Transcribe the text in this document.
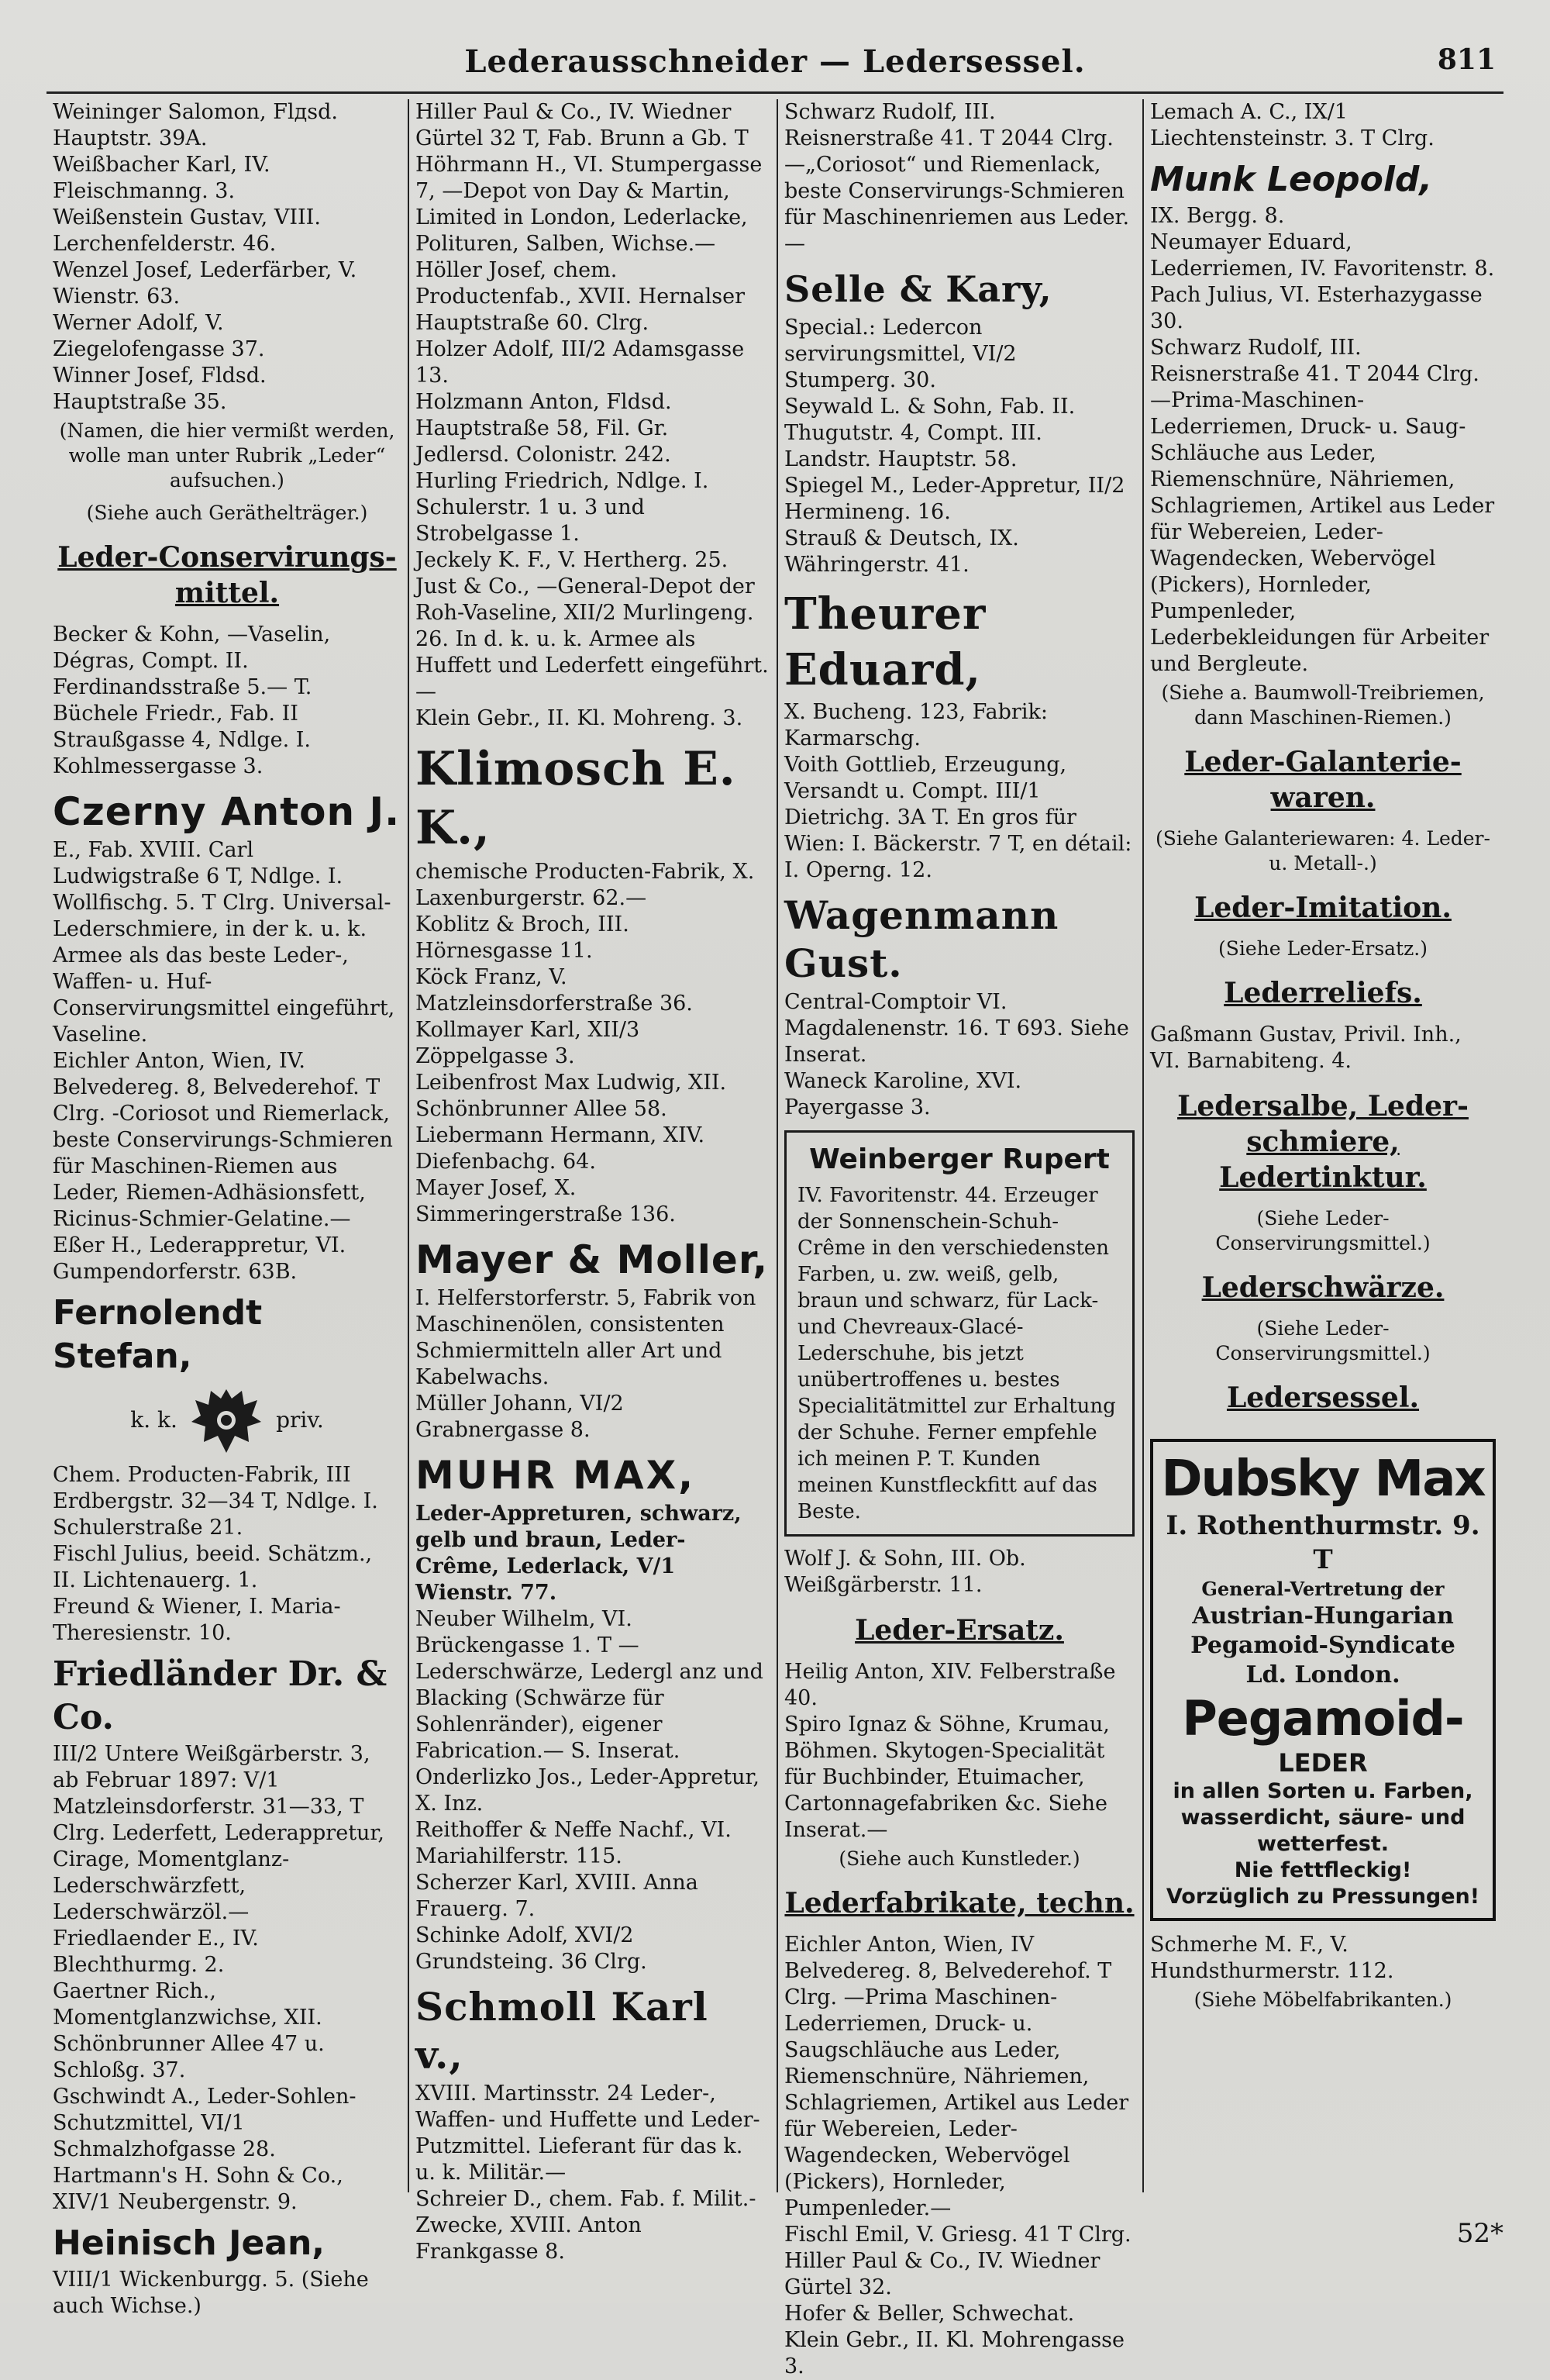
Lederausschneider — Ledersessel.	811
Weininger Salomon, Flдsd. Hauptstr. 39A.
Weißbacher Karl, IV. Fleischmanng. 3.
Weißenstein Gustav, VIII. Lerchenfelderstr. 46.
Wenzel Josef, Lederfärber, V. Wienstr. 63.
Werner Adolf, V. Ziegelofengasse 37.
Winner Josef, Fldsd. Hauptstraße 35.
(Namen, die hier vermißt werden, wolle man unter Rubrik „Leder“ aufsuchen.)
(Siehe auch Geräthelträger.)
Leder-Conservirungs-mittel.
Becker & Kohn, —Vaselin, Dégras, Compt. II. Ferdinandsstraße 5.— T.
Büchele Friedr., Fab. II Straußgasse 4, Ndlge. I. Kohlmessergasse 3.
Czerny Anton J.
E., Fab. XVIII. Carl Ludwigstraße 6 T, Ndlge. I. Wollfischg. 5. T Clrg. Universal-Lederschmiere, in der k. u. k. Armee als das beste Leder-, Waffen- u. Huf-Conservirungsmittel eingeführt, Vaseline.
Eichler Anton, Wien, IV. Belvedereg. 8, Belvederehof. T Clrg. -Coriosot und Riemerlack, beste Conservirungs-Schmieren für Maschinen-Riemen aus Leder, Riemen-Adhäsionsfett, Ricinus-Schmier-Gelatine.—
Eßer H., Lederappretur, VI. Gumpendorferstr. 63B.
Fernolendt Stefan,
k. k.	priv.
Chem. Producten-Fabrik, III Erdbergstr. 32—34 T, Ndlge. I. Schulerstraße 21.
Fischl Julius, beeid. Schätzm., II. Lichtenauerg. 1.
Freund & Wiener, I. Maria-Theresienstr. 10.
Friedländer Dr. & Co.
III/2 Untere Weißgärberstr. 3, ab Februar 1897: V/1 Matzleinsdorferstr. 31—33, T Clrg. Lederfett, Lederappretur, Cirage, Momentglanz-Lederschwärzfett, Lederschwärzöl.—
Friedlaender E., IV. Blechthurmg. 2.
Gaertner Rich., Momentglanzwichse, XII. Schönbrunner Allee 47 u. Schloßg. 37.
Gschwindt A., Leder-Sohlen-Schutzmittel, VI/1 Schmalzhofgasse 28.
Hartmann's H. Sohn & Co., XIV/1 Neubergenstr. 9.
Heinisch Jean,
VIII/1 Wickenburgg. 5. (Siehe auch Wichse.)
Hiller Paul & Co., IV. Wiedner Gürtel 32 T, Fab. Brunn a Gb. T
Höhrmann H., VI. Stumpergasse 7, —Depot von Day & Martin, Limited in London, Lederlacke, Polituren, Salben, Wichse.—
Höller Josef, chem. Productenfab., XVII. Hernalser Hauptstraße 60. Clrg.
Holzer Adolf, III/2 Adamsgasse 13.
Holzmann Anton, Fldsd. Hauptstraße 58, Fil. Gr. Jedlersd. Colonistr. 242.
Hurling Friedrich, Ndlge. I. Schulerstr. 1 u. 3 und Strobelgasse 1.
Jeckely K. F., V. Hertherg. 25.
Just & Co., —General-Depot der Roh-Vaseline, XII/2 Murlingeng. 26. In d. k. u. k. Armee als Huffett und Lederfett eingeführt.—
Klein Gebr., II. Kl. Mohreng. 3.
Klimosch E. K.,
chemische Producten-Fabrik, X. Laxenburgerstr. 62.—
Koblitz & Broch, III. Hörnesgasse 11.
Köck Franz, V. Matzleinsdorferstraße 36.
Kollmayer Karl, XII/3 Zöppelgasse 3.
Leibenfrost Max Ludwig, XII. Schönbrunner Allee 58.
Liebermann Hermann, XIV. Diefenbachg. 64.
Mayer Josef, X. Simmeringerstraße 136.
Mayer & Moller,
I. Helferstorferstr. 5, Fabrik von Maschinenölen, consistenten Schmiermitteln aller Art und Kabelwachs.
Müller Johann, VI/2 Grabnergasse 8.
MUHR MAX,
Leder-Appreturen, schwarz, gelb und braun, Leder-Crême, Lederlack, V/1 Wienstr. 77.
Neuber Wilhelm, VI. Brückengasse 1. T —Lederschwärze, Ledergl anz und Blacking (Schwärze für Sohlenränder), eigener Fabrication.— S. Inserat.
Onderlizko Jos., Leder-Appretur, X. Inz.
Reithoffer & Neffe Nachf., VI. Mariahilferstr. 115.
Scherzer Karl, XVIII. Anna Frauerg. 7.
Schinke Adolf, XVI/2 Grundsteing. 36 Clrg.
Schmoll Karl v.,
XVIII. Martinsstr. 24 Leder-, Waffen- und Huffette und Leder-Putzmittel. Lieferant für das k. u. k. Militär.—
Schreier D., chem. Fab. f. Milit.-Zwecke, XVIII. Anton Frankgasse 8.
Schwarz Rudolf, III. Reisnerstraße 41. T 2044 Clrg. —„Coriosot“ und Riemenlack, beste Conservirungs-Schmieren für Maschinenriemen aus Leder.—
Selle & Kary,
Special.: Ledercon servirungsmittel, VI/2 Stumperg. 30.
Seywald L. & Sohn, Fab. II. Thugutstr. 4, Compt. III. Landstr. Hauptstr. 58.
Spiegel M., Leder-Appretur, II/2 Hermineng. 16.
Strauß & Deutsch, IX. Währingerstr. 41.
Theurer Eduard,
X. Bucheng. 123, Fabrik: Karmarschg.
Voith Gottlieb, Erzeugung, Versandt u. Compt. III/1 Dietrichg. 3A T. En gros für Wien: I. Bäckerstr. 7 T, en détail: I. Operng. 12.
Wagenmann Gust.
Central-Comptoir VI. Magdalenenstr. 16. T 693. Siehe Inserat.
Waneck Karoline, XVI. Payergasse 3.
Weinberger Rupert
IV. Favoritenstr. 44. Erzeuger der Sonnenschein-Schuh-Crême in den verschiedensten Farben, u. zw. weiß, gelb, braun und schwarz, für Lack- und Chevreaux-Glacé-Lederschuhe, bis jetzt unübertroffenes u. bestes Specialitätmittel zur Erhaltung der Schuhe. Ferner empfehle ich meinen P. T. Kunden meinen Kunstfleckfitt auf das Beste.
Wolf J. & Sohn, III. Ob. Weißgärberstr. 11.
Leder-Ersatz.
Heilig Anton, XIV. Felberstraße 40.
Spiro Ignaz & Söhne, Krumau, Böhmen. Skytogen-Specialität für Buchbinder, Etuimacher, Cartonnagefabriken &c. Siehe Inserat.—
(Siehe auch Kunstleder.)
Lederfabrikate, techn.
Eichler Anton, Wien, IV Belvedereg. 8, Belvederehof. T Clrg. —Prima Maschinen-Lederriemen, Druck- u. Saugschläuche aus Leder, Riemenschnüre, Nähriemen, Schlagriemen, Artikel aus Leder für Webereien, Leder-Wagendecken, Webervögel (Pickers), Hornleder, Pumpenleder.—
Fischl Emil, V. Griesg. 41 T Clrg.
Hiller Paul & Co., IV. Wiedner Gürtel 32.
Hofer & Beller, Schwechat.
Klein Gebr., II. Kl. Mohrengasse 3.
Lemach A. C., IX/1 Liechtensteinstr. 3. T Clrg.
Munk Leopold,
IX. Bergg. 8.
Neumayer Eduard, Lederriemen, IV. Favoritenstr. 8.
Pach Julius, VI. Esterhazygasse 30.
Schwarz Rudolf, III. Reisnerstraße 41. T 2044 Clrg. —Prima-Maschinen-Lederriemen, Druck- u. Saug-Schläuche aus Leder, Riemenschnüre, Nähriemen, Schlagriemen, Artikel aus Leder für Webereien, Leder-Wagendecken, Webervögel (Pickers), Hornleder, Pumpenleder, Lederbekleidungen für Arbeiter und Bergleute.
(Siehe a. Baumwoll-Treibriemen, dann Maschinen-Riemen.)
Leder-Galanterie-waren.
(Siehe Galanteriewaren: 4. Leder- u. Metall-.)
Leder-Imitation.
(Siehe Leder-Ersatz.)
Lederreliefs.
Gaßmann Gustav, Privil. Inh., VI. Barnabiteng. 4.
Ledersalbe, Leder-schmiere, Ledertinktur.
(Siehe Leder-Conservirungsmittel.)
Lederschwärze.
(Siehe Leder-Conservirungsmittel.)
Ledersessel.
Dubsky Max
I. Rothenthurmstr. 9. T
General-Vertretung der
Austrian-Hungarian
Pegamoid-Syndicate
Ld. London.
Pegamoid-
LEDER
in allen Sorten u. Farben, wasserdicht, säure- und wetterfest.
Nie fettfleckig!
Vorzüglich zu Pressungen!
Schmerhe M. F., V. Hundsthurmerstr. 112.
(Siehe Möbelfabrikanten.)
52*
